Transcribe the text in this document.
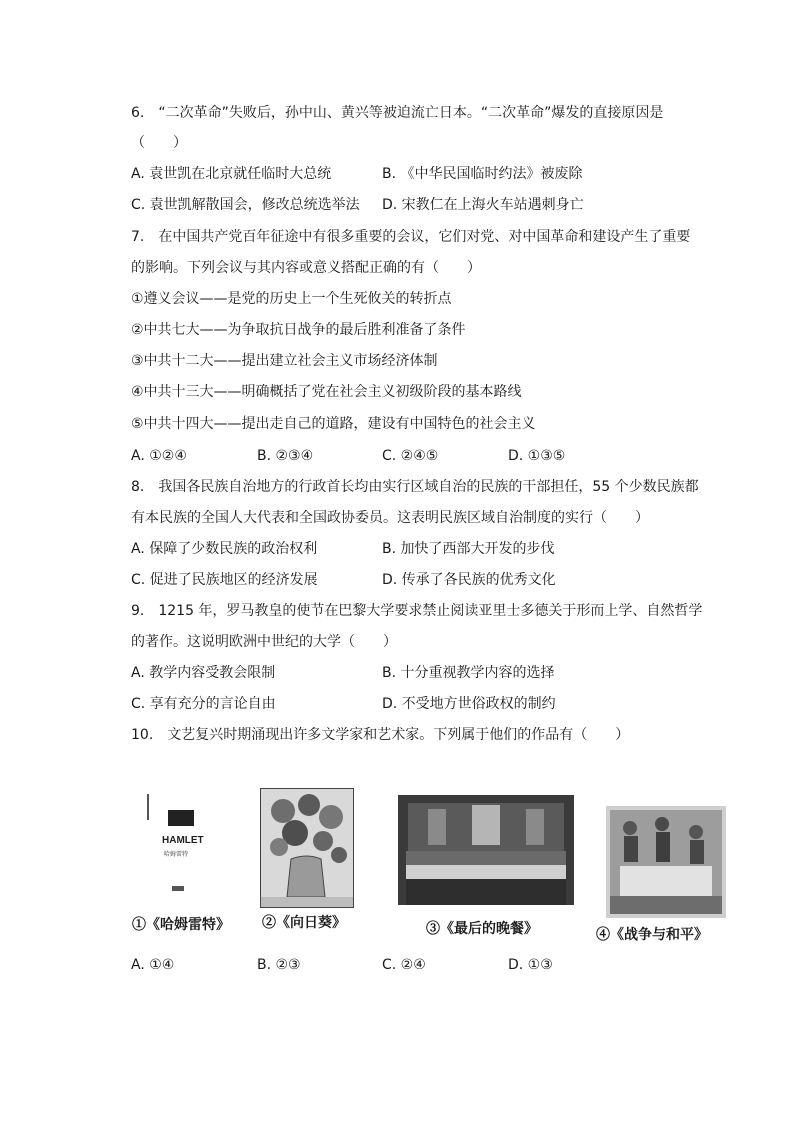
6.　“二次革命”失败后，孙中山、黄兴等被迫流亡日本。“二次革命”爆发的直接原因是
（　　）
A. 袁世凯在北京就任临时大总统	B. 《中华民国临时约法》被废除
C. 袁世凯解散国会，修改总统选举法 D. 宋教仁在上海火车站遇刺身亡
7.　在中国共产党百年征途中有很多重要的会议，它们对党、对中国革命和建设产生了重要
的影响。下列会议与其内容或意义搭配正确的有（　　）
①遵义会议——是党的历史上一个生死攸关的转折点
②中共七大——为争取抗日战争的最后胜利准备了条件
③中共十二大——提出建立社会主义市场经济体制
④中共十三大——明确概括了党在社会主义初级阶段的基本路线
⑤中共十四大——提出走自己的道路，建设有中国特色的社会主义
A. ①②④	B. ②③④	C. ②④⑤	D. ①③⑤
8.　我国各民族自治地方的行政首长均由实行区域自治的民族的干部担任，55 个少数民族都
有本民族的全国人大代表和全国政协委员。这表明民族区域自治制度的实行（　　）
A. 保障了少数民族的政治权利	B. 加快了西部大开发的步伐
C. 促进了民族地区的经济发展	D. 传承了各民族的优秀文化
9.　1215 年，罗马教皇的使节在巴黎大学要求禁止阅读亚里士多德关于形而上学、自然哲学
的著作。这说明欧洲中世纪的大学（　　）
A. 教学内容受教会限制	B. 十分重视教学内容的选择
C. 享有充分的言论自由	D. 不受地方世俗政权的制约
10.　文艺复兴时期涌现出许多文学家和艺术家。下列属于他们的作品有（　　）
HAMLET
哈姆雷特
①《哈姆雷特》 ②《向日葵》	③《最后的晚餐》	④《战争与和平》
A. ①④	B. ②③	C. ②④	D. ①③
